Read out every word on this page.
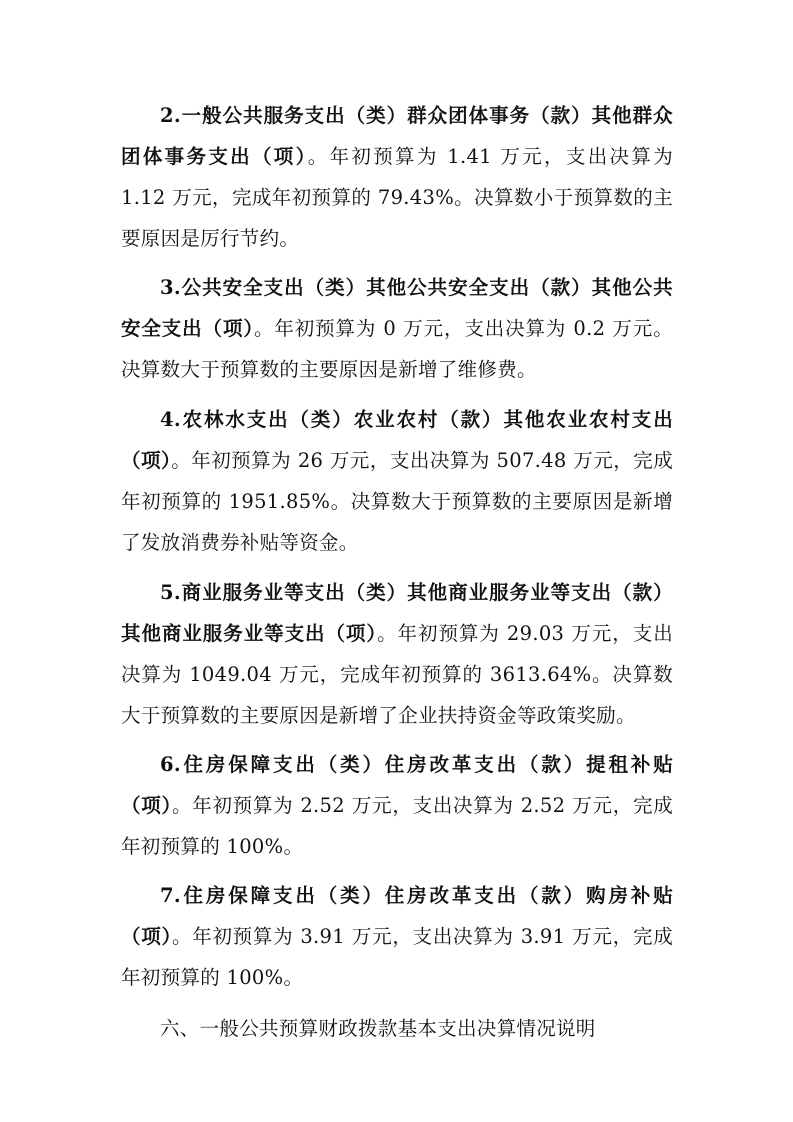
2.一般公共服务支出（类）群众团体事务（款）其他群众团体事务支出（项）。年初预算为 1.41 万元，支出决算为 1.12 万元，完成年初预算的 79.43%。决算数小于预算数的主要原因是厉行节约。

3.公共安全支出（类）其他公共安全支出（款）其他公共安全支出（项）。年初预算为 0 万元，支出决算为 0.2 万元。决算数大于预算数的主要原因是新增了维修费。

4.农林水支出（类）农业农村（款）其他农业农村支出（项）。年初预算为 26 万元，支出决算为 507.48 万元，完成年初预算的 1951.85%。决算数大于预算数的主要原因是新增了发放消费券补贴等资金。

5.商业服务业等支出（类）其他商业服务业等支出（款）其他商业服务业等支出（项）。年初预算为 29.03 万元，支出决算为 1049.04 万元，完成年初预算的 3613.64%。决算数大于预算数的主要原因是新增了企业扶持资金等政策奖励。

6.住房保障支出（类）住房改革支出（款）提租补贴（项）。年初预算为 2.52 万元，支出决算为 2.52 万元，完成年初预算的 100%。

7.住房保障支出（类）住房改革支出（款）购房补贴（项）。年初预算为 3.91 万元，支出决算为 3.91 万元，完成年初预算的 100%。

六、一般公共预算财政拨款基本支出决算情况说明
